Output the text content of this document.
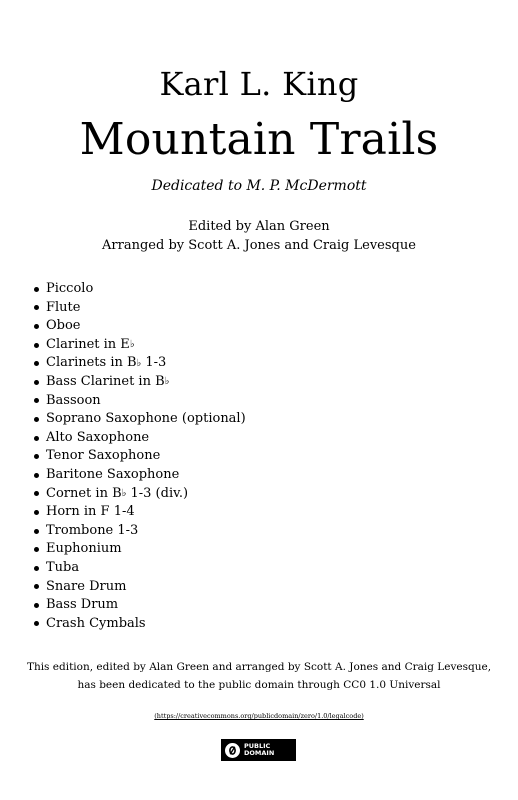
Karl L. King
Mountain Trails
Dedicated to M. P. McDermott
Edited by Alan Green
Arranged by Scott A. Jones and Craig Levesque
Piccolo
Flute
Oboe
Clarinet in E ♭
Clarinets in B ♭ 1-3
Bass Clarinet in B ♭
Bassoon
Soprano Saxophone (optional)
Alto Saxophone
Tenor Saxophone
Baritone Saxophone
Cornet in B ♭ 1-3 (div.)
Horn in F 1-4
Trombone 1-3
Euphonium
Tuba
Snare Drum
Bass Drum
Crash Cymbals
This edition, edited by Alan Green and arranged by Scott A. Jones and Craig Levesque,
has been dedicated to the public domain through CC0 1.0 Universal
(https://creativecommons.org/publicdomain/zero/1.0/legalcode)
PUBLIC
DOMAIN
